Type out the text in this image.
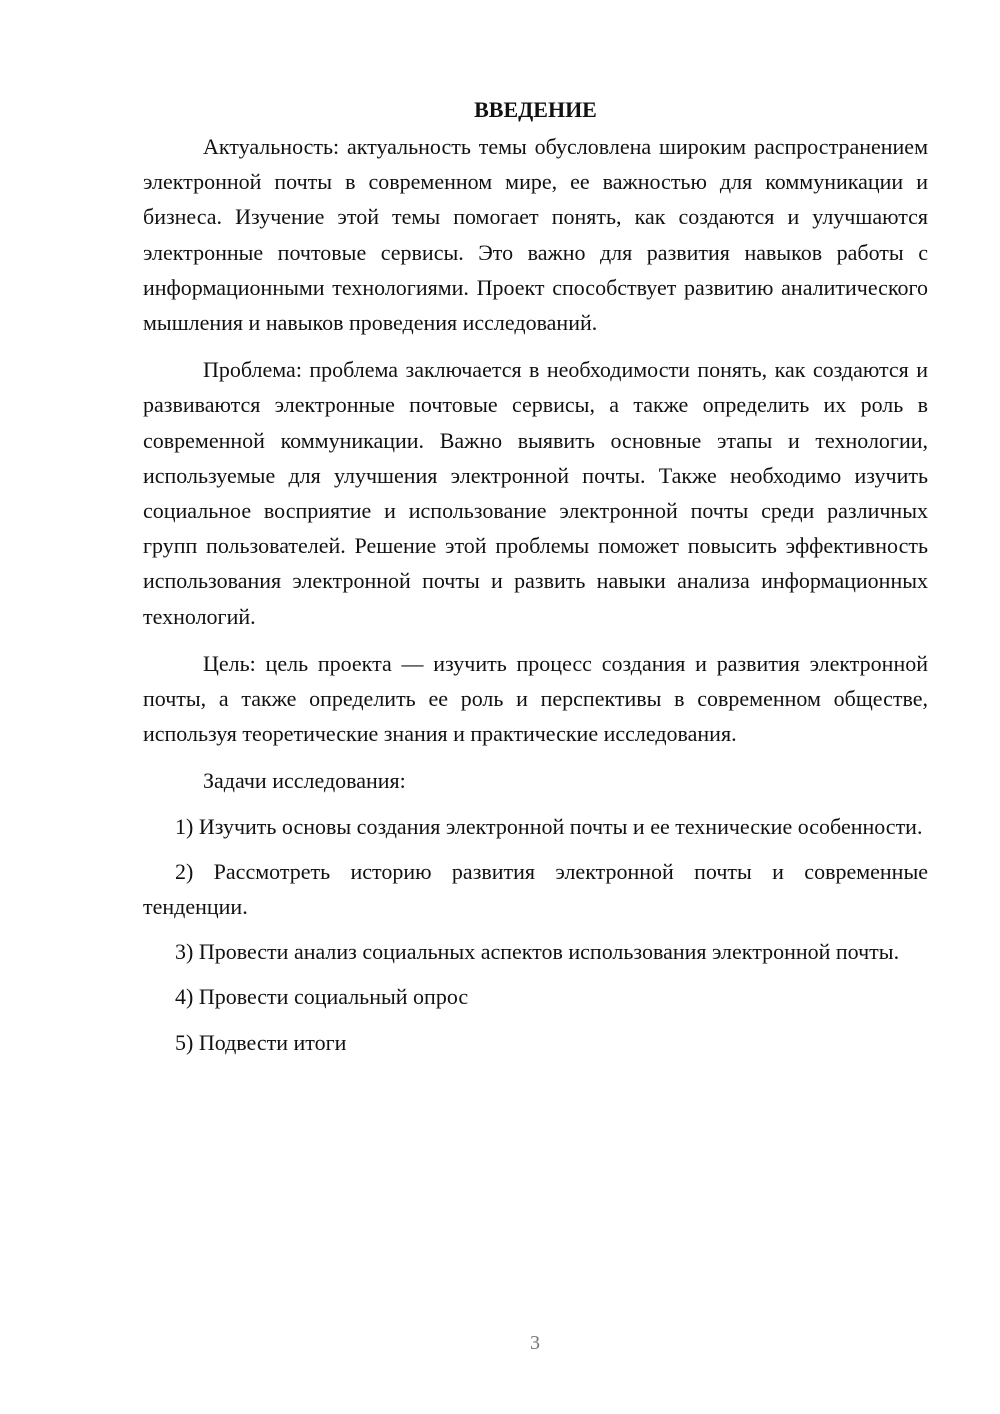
ВВЕДЕНИЕ

Актуальность: актуальность темы обусловлена широким распространением электронной почты в современном мире, ее важностью для коммуникации и бизнеса. Изучение этой темы помогает понять, как создаются и улучшаются электронные почтовые сервисы. Это важно для развития навыков работы с информационными технологиями. Проект способствует развитию аналитического мышления и навыков проведения исследований.

Проблема: проблема заключается в необходимости понять, как создаются и развиваются электронные почтовые сервисы, а также определить их роль в современной коммуникации. Важно выявить основные этапы и технологии, используемые для улучшения электронной почты. Также необходимо изучить социальное восприятие и использование электронной почты среди различных групп пользователей. Решение этой проблемы поможет повысить эффективность использования электронной почты и развить навыки анализа информационных технологий.

Цель: цель проекта — изучить процесс создания и развития электронной почты, а также определить ее роль и перспективы в современном обществе, используя теоретические знания и практические исследования.

Задачи исследования:

1) Изучить основы создания электронной почты и ее технические особенности.

2) Рассмотреть историю развития электронной почты и современные тенденции.

3) Провести анализ социальных аспектов использования электронной почты.

4) Провести социальный опрос

5) Подвести итоги

3
